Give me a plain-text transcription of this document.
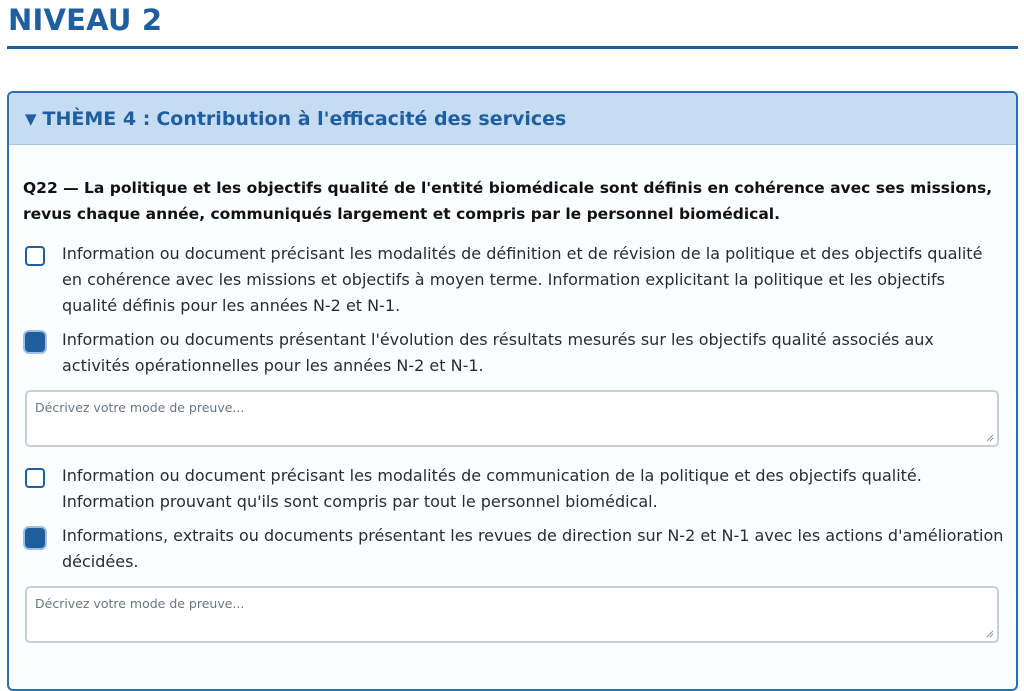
NIVEAU 2
▼ THÈME 4 : Contribution à l'efficacité des services
Q22 — La politique et les objectifs qualité de l'entité biomédicale sont définis en cohérence avec ses missions, revus chaque année, communiqués largement et compris par le personnel biomédical.
Information ou document précisant les modalités de définition et de révision de la politique et des objectifs qualité en cohérence avec les missions et objectifs à moyen terme. Information explicitant la politique et les objectifs qualité définis pour les années N-2 et N-1.
Information ou documents présentant l'évolution des résultats mesurés sur les objectifs qualité associés aux activités opérationnelles pour les années N-2 et N-1.
Décrivez votre mode de preuve...
Information ou document précisant les modalités de communication de la politique et des objectifs qualité. Information prouvant qu'ils sont compris par tout le personnel biomédical.
Informations, extraits ou documents présentant les revues de direction sur N-2 et N-1 avec les actions d'amélioration décidées.
Décrivez votre mode de preuve...
